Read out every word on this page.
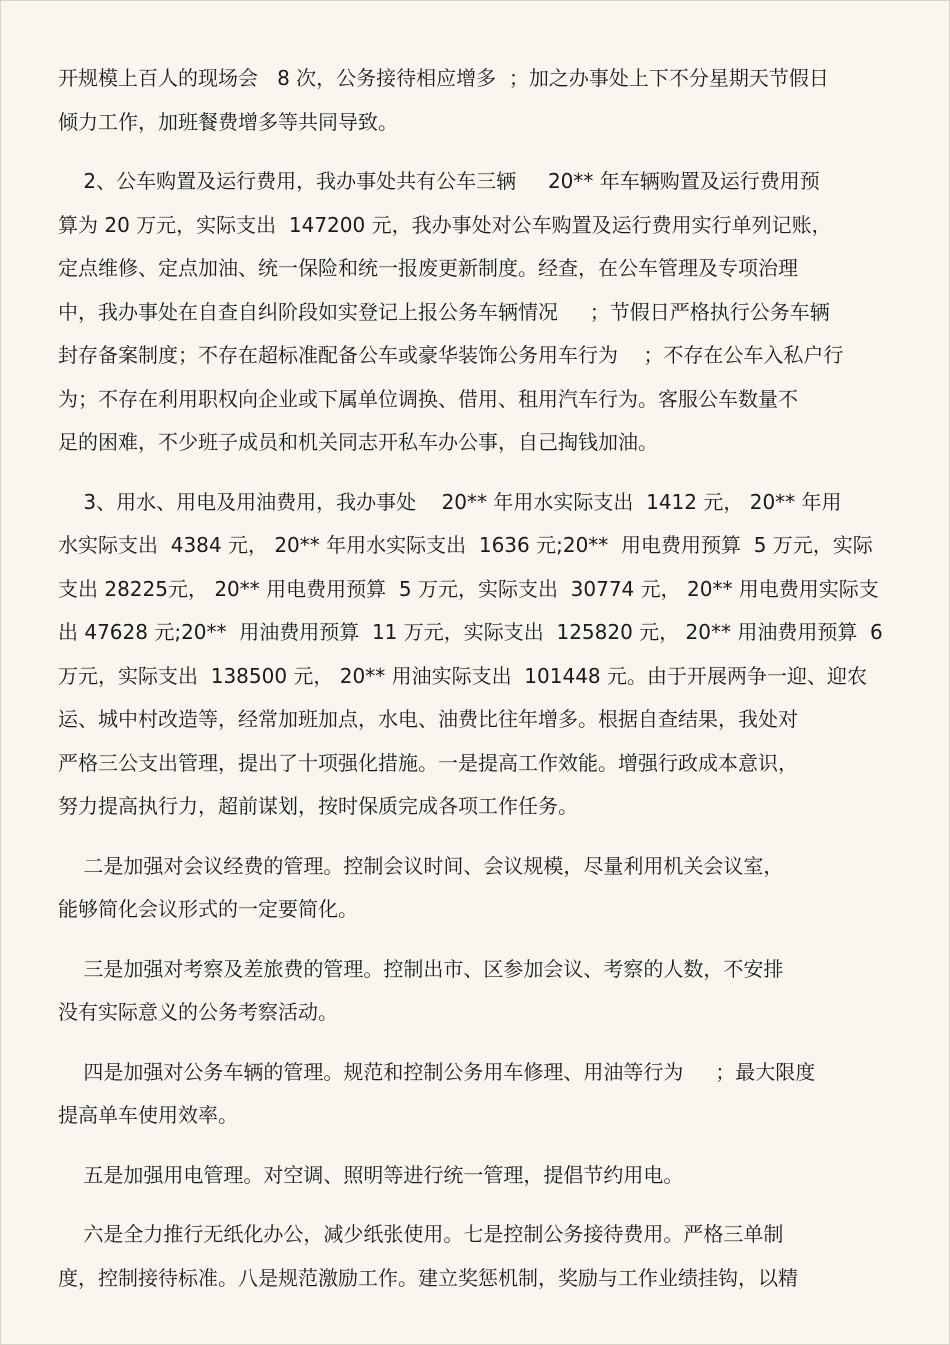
开规模上百人的现场会   8 次，公务接待相应增多  ；加之办事处上下不分星期天节假日
倾力工作，加班餐费增多等共同导致。
2、公车购置及运行费用，我办事处共有公车三辆     20** 年车辆购置及运行费用预
算为 20 万元，实际支出  147200 元，我办事处对公车购置及运行费用实行单列记账，
定点维修、定点加油、统一保险和统一报废更新制度。经查，在公车管理及专项治理
中，我办事处在自查自纠阶段如实登记上报公务车辆情况     ；节假日严格执行公务车辆
封存备案制度；不存在超标准配备公车或豪华装饰公务用车行为    ；不存在公车入私户行
为；不存在利用职权向企业或下属单位调换、借用、租用汽车行为。客服公车数量不
足的困难，不少班子成员和机关同志开私车办公事，自己掏钱加油。
3、用水、用电及用油费用，我办事处    20** 年用水实际支出  1412 元， 20** 年用
水实际支出  4384 元， 20** 年用水实际支出  1636 元;20**  用电费用预算  5 万元，实际
支出 28225元， 20** 用电费用预算  5 万元，实际支出  30774 元， 20** 用电费用实际支
出 47628 元;20**  用油费用预算  11 万元，实际支出  125820 元， 20** 用油费用预算  6
万元，实际支出  138500 元， 20** 用油实际支出  101448 元。由于开展两争一迎、迎农
运、城中村改造等，经常加班加点，水电、油费比往年增多。根据自查结果，我处对
严格三公支出管理，提出了十项强化措施。一是提高工作效能。增强行政成本意识，
努力提高执行力，超前谋划，按时保质完成各项工作任务。
二是加强对会议经费的管理。控制会议时间、会议规模，尽量利用机关会议室，
能够简化会议形式的一定要简化。
三是加强对考察及差旅费的管理。控制出市、区参加会议、考察的人数，不安排
没有实际意义的公务考察活动。
四是加强对公务车辆的管理。规范和控制公务用车修理、用油等行为     ；最大限度
提高单车使用效率。
五是加强用电管理。对空调、照明等进行统一管理，提倡节约用电。
六是全力推行无纸化办公，减少纸张使用。七是控制公务接待费用。严格三单制
度，控制接待标准。八是规范激励工作。建立奖惩机制，奖励与工作业绩挂钩，以精
